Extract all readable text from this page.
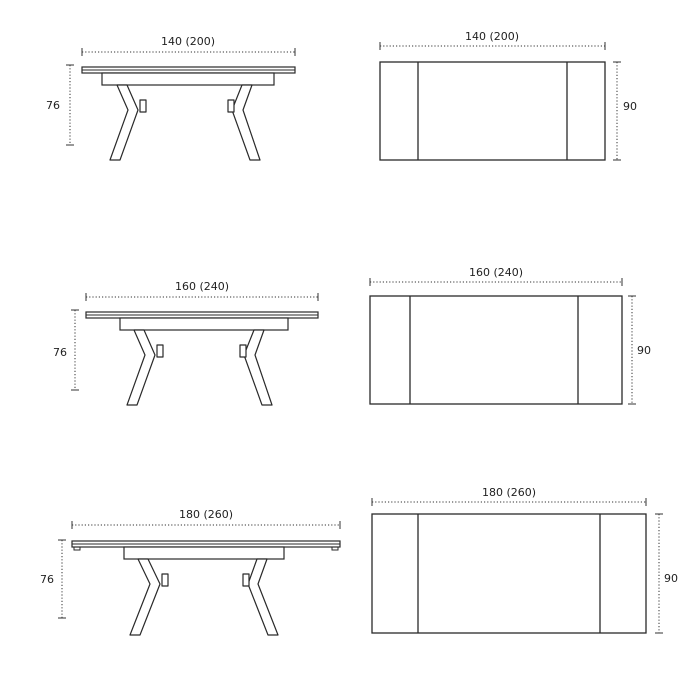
140 (200)
76
140 (200)
90
160 (240)
76
160 (240)
90
180 (260)
76
180 (260)
90
